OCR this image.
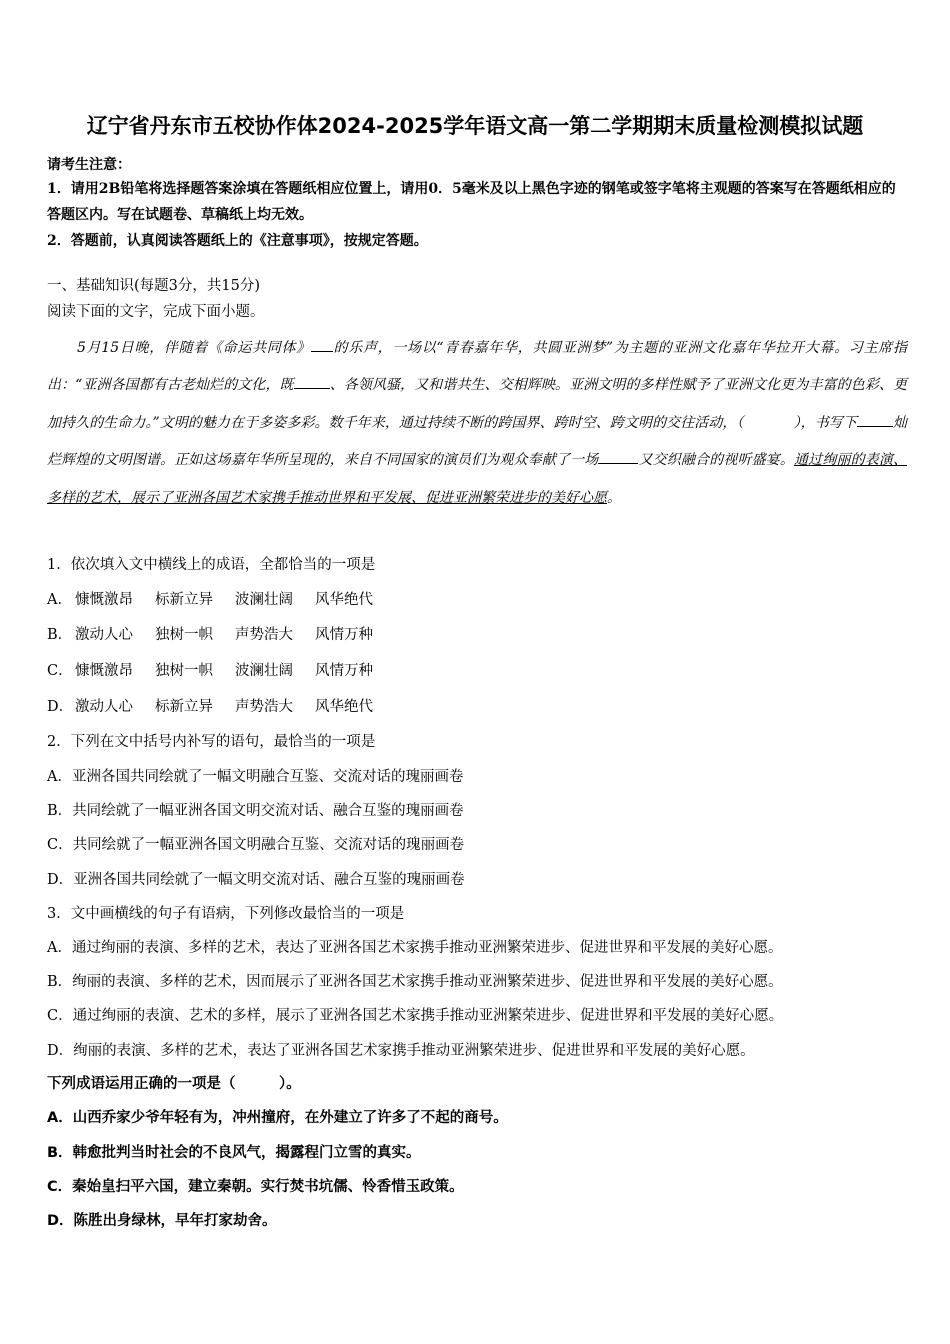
辽宁省丹东市五校协作体2024-2025学年语文高一第二学期期末质量检测模拟试题
请考生注意：
1．请用2B铅笔将选择题答案涂填在答题纸相应位置上，请用0．5毫米及以上黑色字迹的钢笔或签字笔将主观题的答案写在答题纸相应的答题区内。写在试题卷、草稿纸上均无效。
2．答题前，认真阅读答题纸上的《注意事项》，按规定答题。
一、基础知识(每题3分，共15分)
阅读下面的文字，完成下面小题。
5月15日晚，伴随着《命运共同体》 的乐声，一场以“青春嘉年华，共圆亚洲梦”为主题的亚洲文化嘉年华拉开大幕。习主席指出：“亚洲各国都有古老灿烂的文化，既	、各领风骚，又和谐共生、交相辉映。亚洲文明的多样性赋予了亚洲文化更为丰富的色彩、更加持久的生命力。”文明的魅力在于多姿多彩。数千年来，通过持续不断的跨国界、跨时空、跨文明的交往活动，（	），书写下	灿烂辉煌的文明图谱。正如这场嘉年华所呈现的，来自不同国家的演员们为观众奉献了一场	又交织融合的视听盛宴。通过绚丽的表演、多样的艺术，展示了亚洲各国艺术家携手推动世界和平发展、促进亚洲繁荣进步的美好心愿。
1．依次填入文中横线上的成语，全都恰当的一项是
A． 慷慨激昂 标新立异 波澜壮阔 风华绝代
B． 激动人心 独树一帜 声势浩大 风情万种
C． 慷慨激昂 独树一帜 波澜壮阔 风情万种
D． 激动人心 标新立异 声势浩大 风华绝代
2．下列在文中括号内补写的语句，最恰当的一项是
A．亚洲各国共同绘就了一幅文明融合互鉴、交流对话的瑰丽画卷
B．共同绘就了一幅亚洲各国文明交流对话、融合互鉴的瑰丽画卷
C．共同绘就了一幅亚洲各国文明融合互鉴、交流对话的瑰丽画卷
D．亚洲各国共同绘就了一幅文明交流对话、融合互鉴的瑰丽画卷
3．文中画横线的句子有语病，下列修改最恰当的一项是
A．通过绚丽的表演、多样的艺术，表达了亚洲各国艺术家携手推动亚洲繁荣进步、促进世界和平发展的美好心愿。
B．绚丽的表演、多样的艺术，因而展示了亚洲各国艺术家携手推动亚洲繁荣进步、促进世界和平发展的美好心愿。
C．通过绚丽的表演、艺术的多样，展示了亚洲各国艺术家携手推动亚洲繁荣进步、促进世界和平发展的美好心愿。
D．绚丽的表演、多样的艺术，表达了亚洲各国艺术家携手推动亚洲繁荣进步、促进世界和平发展的美好心愿。
下列成语运用正确的一项是（　　　）。
A．山西乔家少爷年轻有为，冲州撞府，在外建立了许多了不起的商号。
B．韩愈批判当时社会的不良风气，揭露程门立雪的真实。
C．秦始皇扫平六国，建立秦朝。实行焚书坑儒、怜香惜玉政策。
D．陈胜出身绿林，早年打家劫舍。
